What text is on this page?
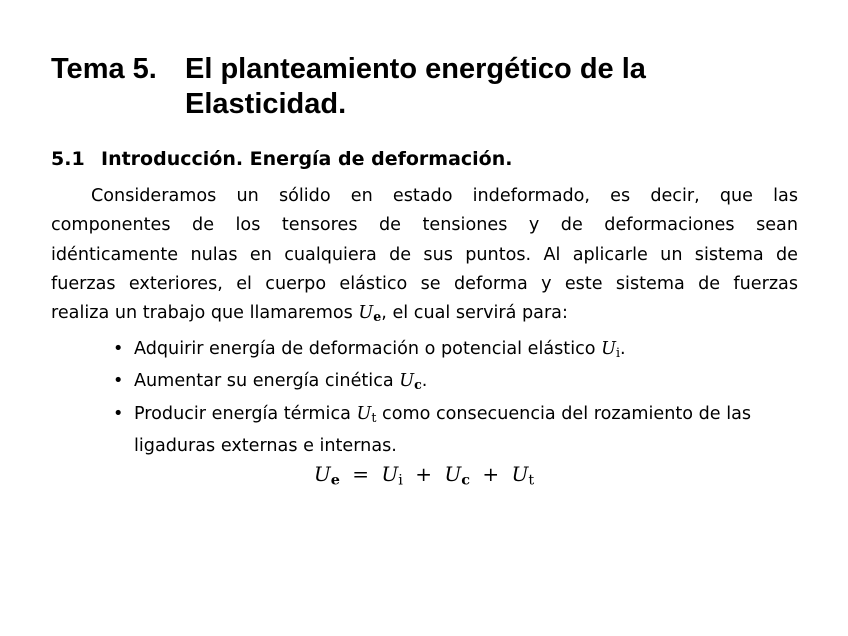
Tema 5. El planteamiento energético de la
Elasticidad.
5.1 Introducción. Energía de deformación.
Consideramos un sólido en estado indeformado, es decir, que las
componentes de los tensores de tensiones y de deformaciones sean
idénticamente nulas en cualquiera de sus puntos. Al aplicarle un sistema de
fuerzas exteriores, el cuerpo elástico se deforma y este sistema de fuerzas
realiza un trabajo que llamaremos $U_e$, el cual servirá para:
• Adquirir energía de deformación o potencial elástico $U_i$.
• Aumentar su energía cinética $U_c$.
• Producir energía térmica $U_t$ como consecuencia del rozamiento de las
ligaduras externas e internas.
$U_e = U_i + U_c + U_t$
